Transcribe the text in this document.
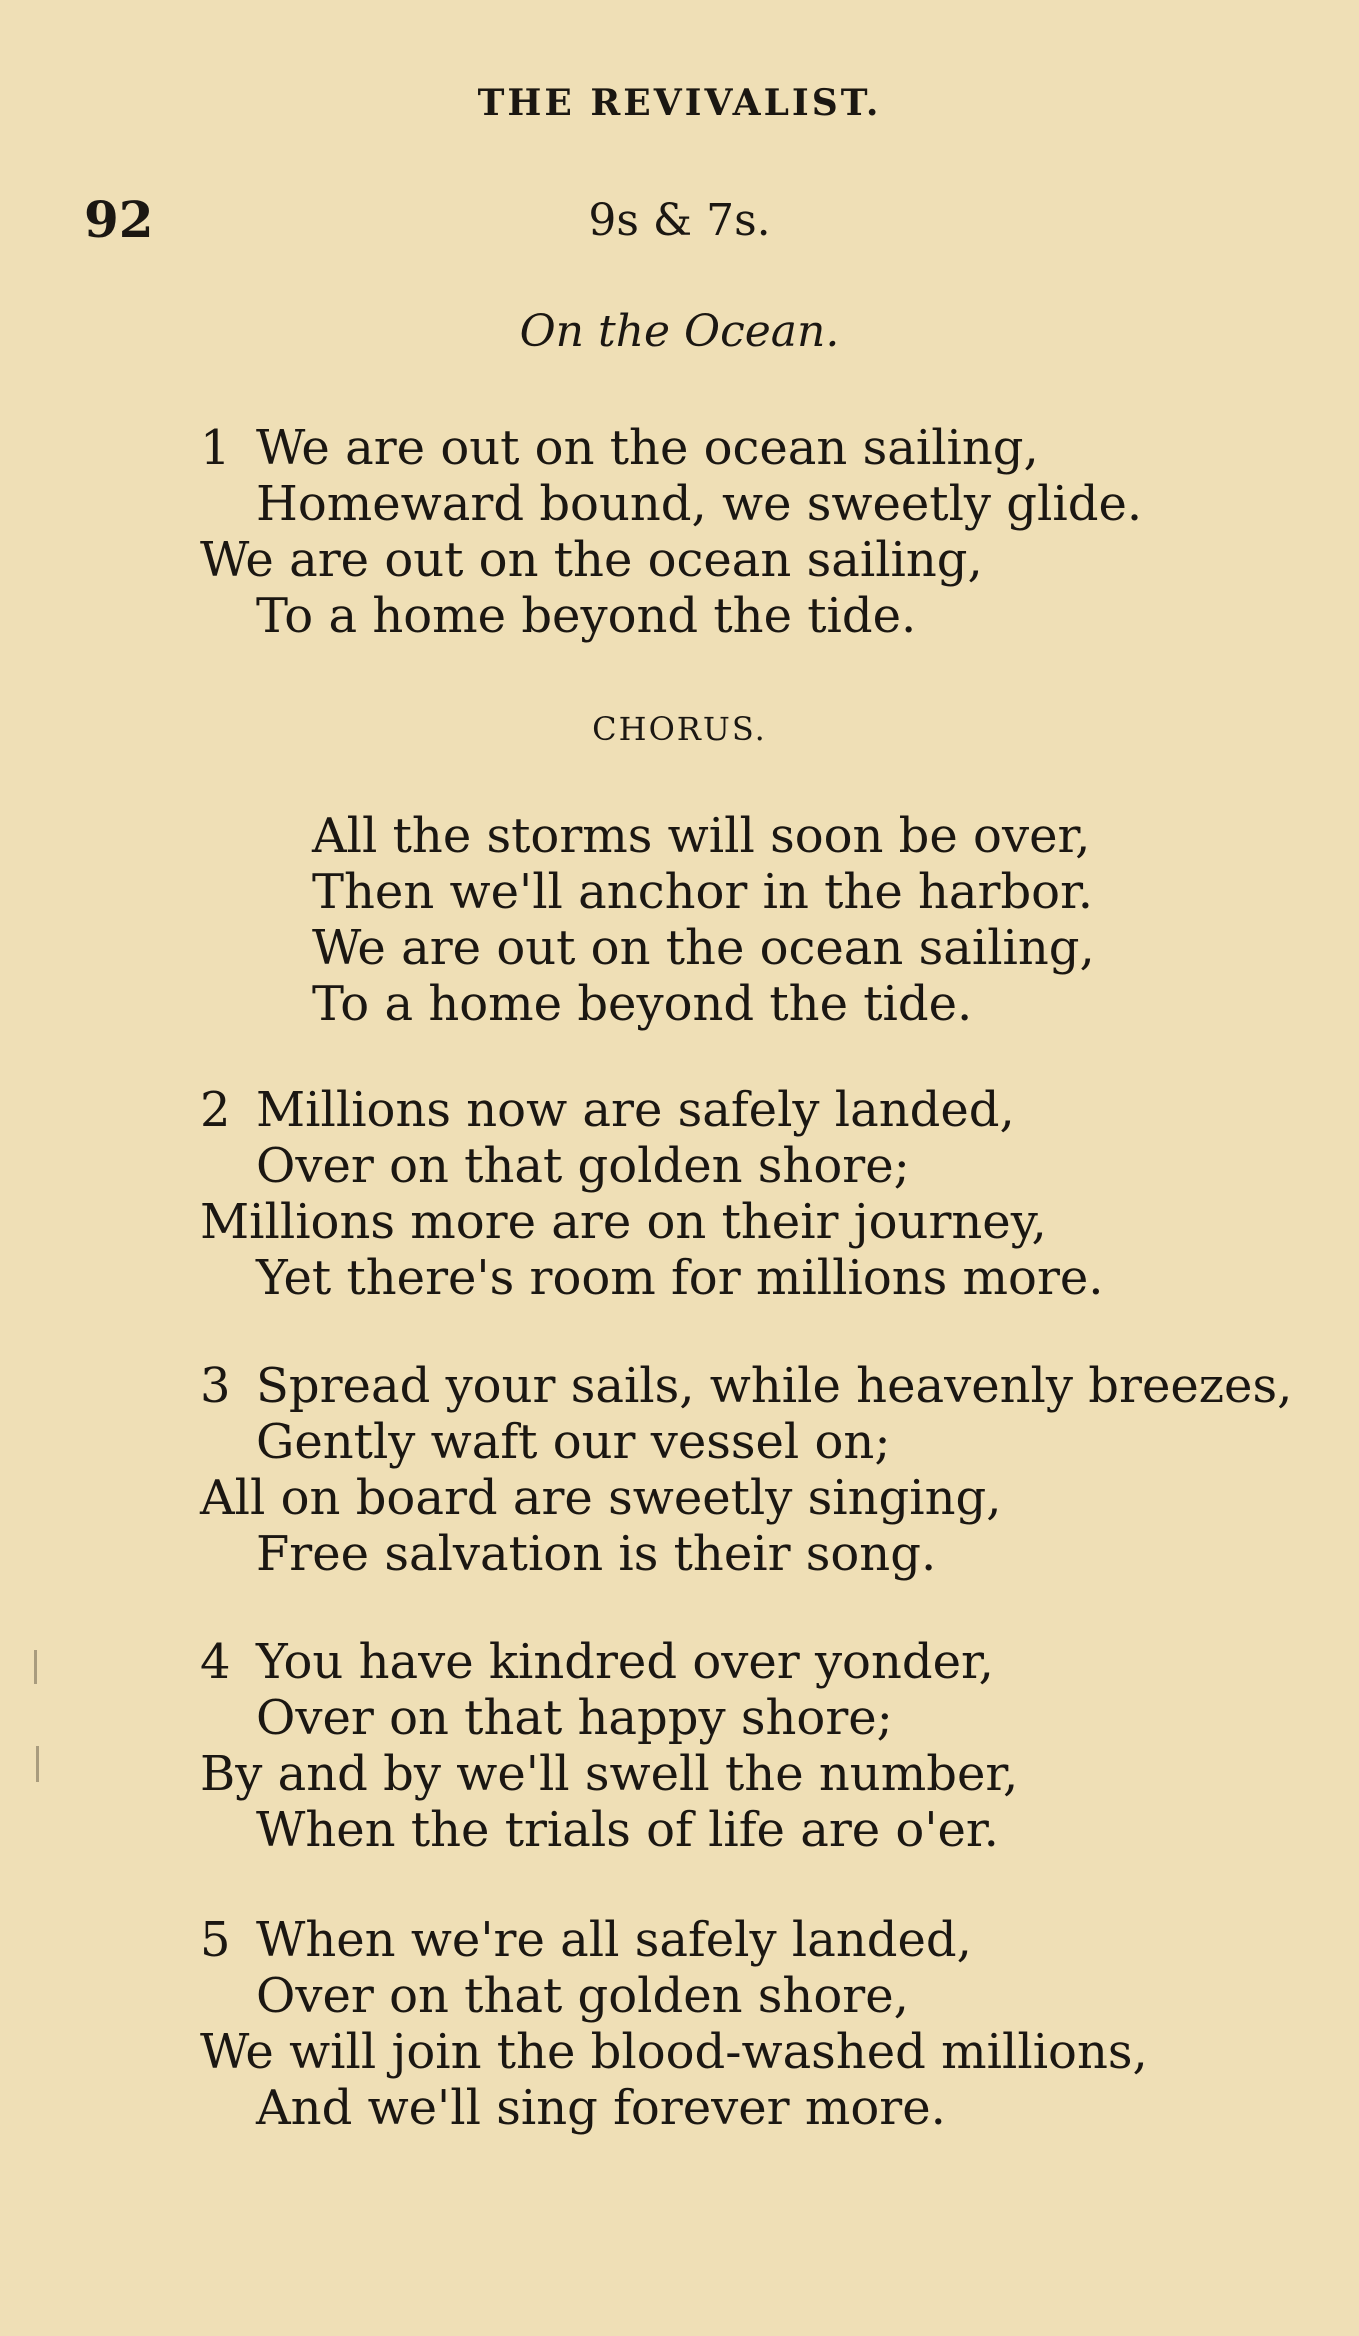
THE REVIVALIST.
92	9s & 7s.
On the Ocean.
1 We are out on the ocean sailing,
Homeward bound, we sweetly glide.
We are out on the ocean sailing,
To a home beyond the tide.
CHORUS.
All the storms will soon be over,
Then we'll anchor in the harbor.
We are out on the ocean sailing,
To a home beyond the tide.
2 Millions now are safely landed,
Over on that golden shore;
Millions more are on their journey,
Yet there's room for millions more.
3 Spread your sails, while heavenly breezes,
Gently waft our vessel on;
All on board are sweetly singing,
Free salvation is their song.
4 You have kindred over yonder,
Over on that happy shore;
By and by we'll swell the number,
When the trials of life are o'er.
5 When we're all safely landed,
Over on that golden shore,
We will join the blood-washed millions,
And we'll sing forever more.
